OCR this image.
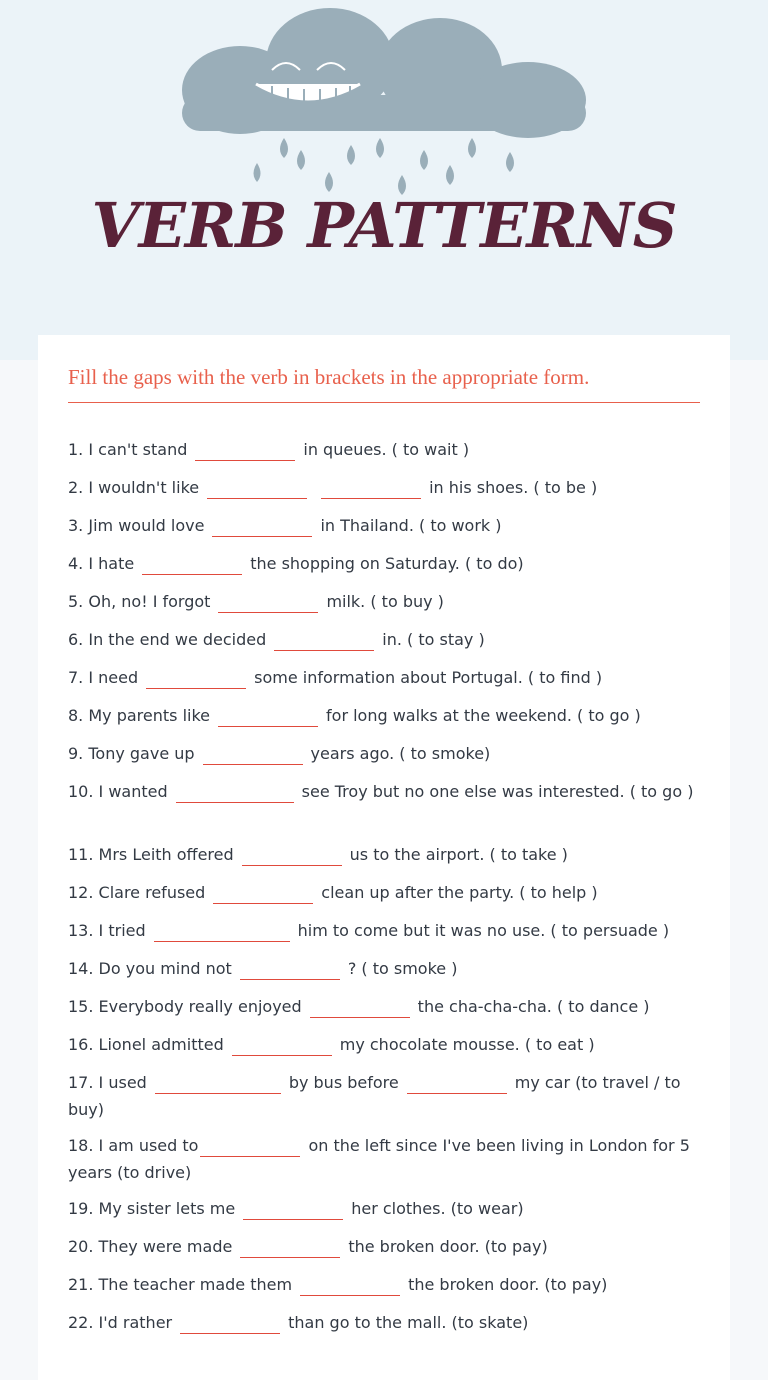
VERB PATTERNS
Fill the gaps with the verb in brackets in the appropriate form.
1. I can't stand	in queues. ( to wait )
2. I wouldn't like	in his shoes. ( to be )
3. Jim would love	in Thailand. ( to work )
4. I hate	the shopping on Saturday. ( to do)
5. Oh, no! I forgot	milk. ( to buy )
6. In the end we decided	in. ( to stay )
7. I need	some information about Portugal. ( to find )
8. My parents like	for long walks at the weekend. ( to go )
9. Tony gave up	years ago. ( to smoke)
10. I wanted	see Troy but no one else was interested. ( to go )
11. Mrs Leith offered	us to the airport. ( to take )
12. Clare refused	clean up after the party. ( to help )
13. I tried	him to come but it was no use. ( to persuade )
14. Do you mind not	? ( to smoke )
15. Everybody really enjoyed	the cha-cha-cha. ( to dance )
16. Lionel admitted	my chocolate mousse. ( to eat )
17. I used	by bus before	my car (to travel / to buy)
18. I am used to	on the left since I've been living in London for 5 years (to drive)
19. My sister lets me	her clothes. (to wear)
20. They were made	the broken door. (to pay)
21. The teacher made them	the broken door. (to pay)
22. I'd rather	than go to the mall. (to skate)
